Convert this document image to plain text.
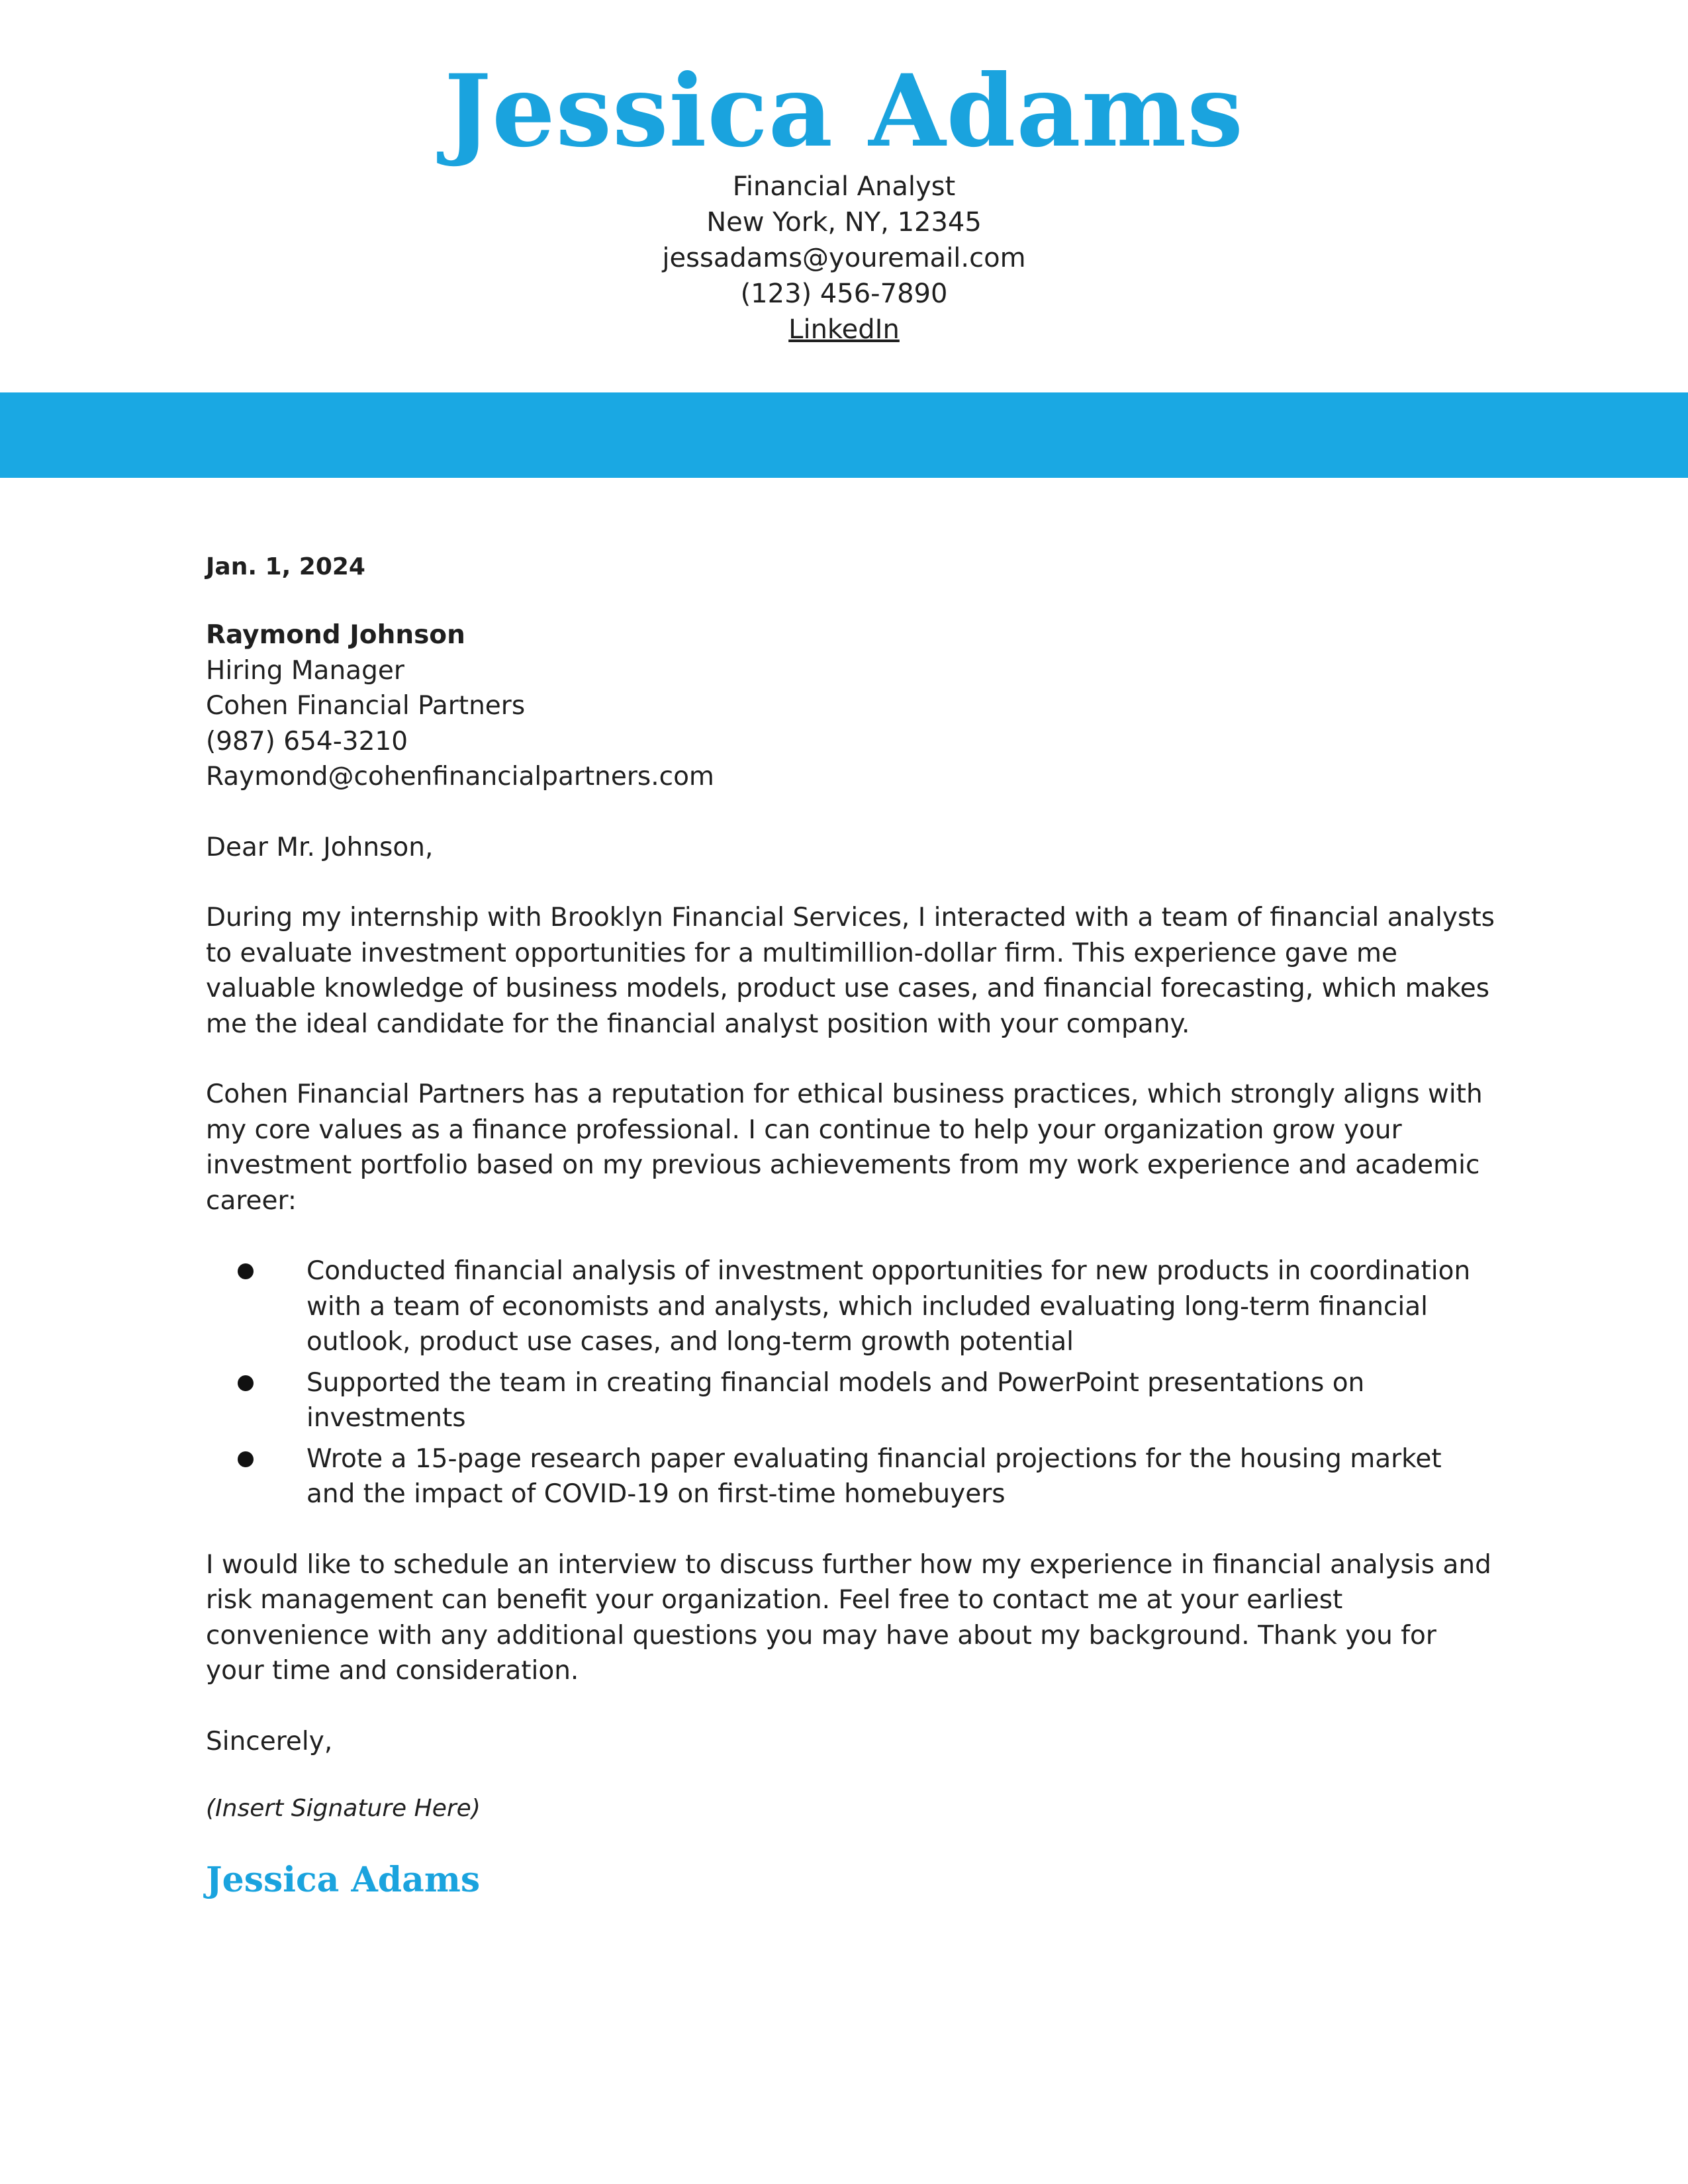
Jessica Adams
Financial Analyst
New York, NY, 12345
jessadams@youremail.com
(123) 456-7890
LinkedIn
Jan. 1, 2024
Raymond Johnson
Hiring Manager
Cohen Financial Partners
(987) 654-3210
Raymond@cohenfinancialpartners.com
Dear Mr. Johnson,
During my internship with Brooklyn Financial Services, I interacted with a team of financial analysts to evaluate investment opportunities for a multimillion-dollar firm. This experience gave me valuable knowledge of business models, product use cases, and financial forecasting, which makes me the ideal candidate for the financial analyst position with your company.
Cohen Financial Partners has a reputation for ethical business practices, which strongly aligns with my core values as a finance professional. I can continue to help your organization grow your investment portfolio based on my previous achievements from my work experience and academic career:
Conducted financial analysis of investment opportunities for new products in coordination with a team of economists and analysts, which included evaluating long-term financial outlook, product use cases, and long-term growth potential
Supported the team in creating financial models and PowerPoint presentations on investments
Wrote a 15-page research paper evaluating financial projections for the housing market and the impact of COVID-19 on first-time homebuyers
I would like to schedule an interview to discuss further how my experience in financial analysis and risk management can benefit your organization. Feel free to contact me at your earliest convenience with any additional questions you may have about my background. Thank you for your time and consideration.
Sincerely,
(Insert Signature Here)
Jessica Adams
